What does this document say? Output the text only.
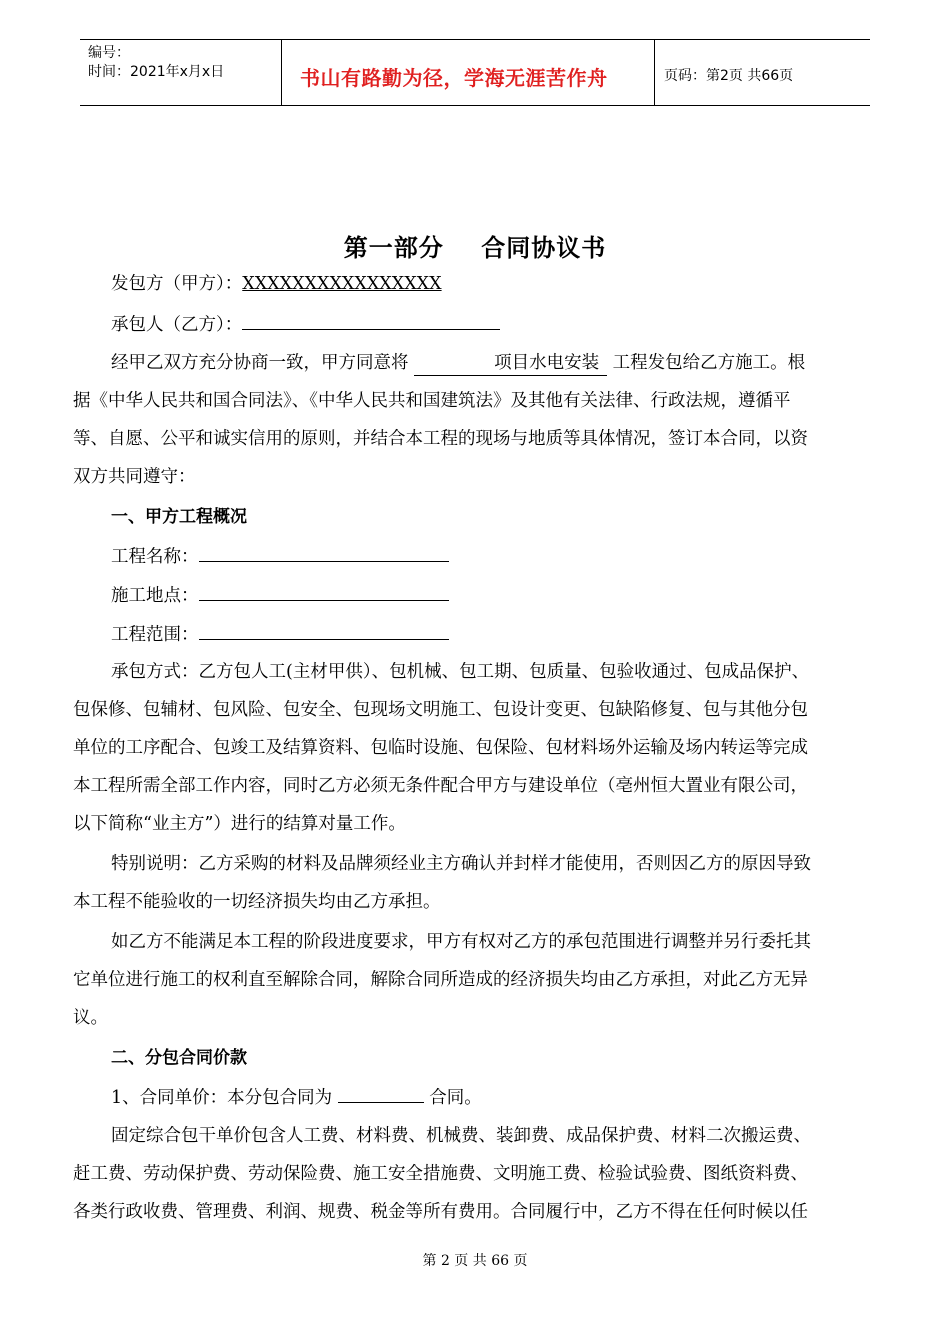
编号：
时间：2021年x月x日	书山有路勤为径，学海无涯苦作舟	页码：第2页 共66页
第一部分    合同协议书
发包方（甲方）：XXXXXXXXXXXXXXXX
承包人（乙方）：
经甲乙双方充分协商一致，甲方同意将	项目水电安装 工程发包给乙方施工。根
据《中华人民共和国合同法》、《中华人民共和国建筑法》及其他有关法律、行政法规，遵循平
等、自愿、公平和诚实信用的原则，并结合本工程的现场与地质等具体情况，签订本合同，以资
双方共同遵守：
一、甲方工程概况
工程名称：
施工地点：
工程范围：
承包方式：乙方包人工(主材甲供）、包机械、包工期、包质量、包验收通过、包成品保护、
包保修、包辅材、包风险、包安全、包现场文明施工、包设计变更、包缺陷修复、包与其他分包
单位的工序配合、包竣工及结算资料、包临时设施、包保险、包材料场外运输及场内转运等完成
本工程所需全部工作内容，同时乙方必须无条件配合甲方与建设单位（亳州恒大置业有限公司，
以下简称“业主方”）进行的结算对量工作。
特别说明：乙方采购的材料及品牌须经业主方确认并封样才能使用，否则因乙方的原因导致
本工程不能验收的一切经济损失均由乙方承担。
如乙方不能满足本工程的阶段进度要求，甲方有权对乙方的承包范围进行调整并另行委托其
它单位进行施工的权利直至解除合同，解除合同所造成的经济损失均由乙方承担，对此乙方无异
议。
二、分包合同价款
1、合同单价：本分包合同为	合同。
固定综合包干单价包含人工费、材料费、机械费、装卸费、成品保护费、材料二次搬运费、
赶工费、劳动保护费、劳动保险费、施工安全措施费、文明施工费、检验试验费、图纸资料费、
各类行政收费、管理费、利润、规费、税金等所有费用。合同履行中，乙方不得在任何时候以任
第 2 页 共 66 页
